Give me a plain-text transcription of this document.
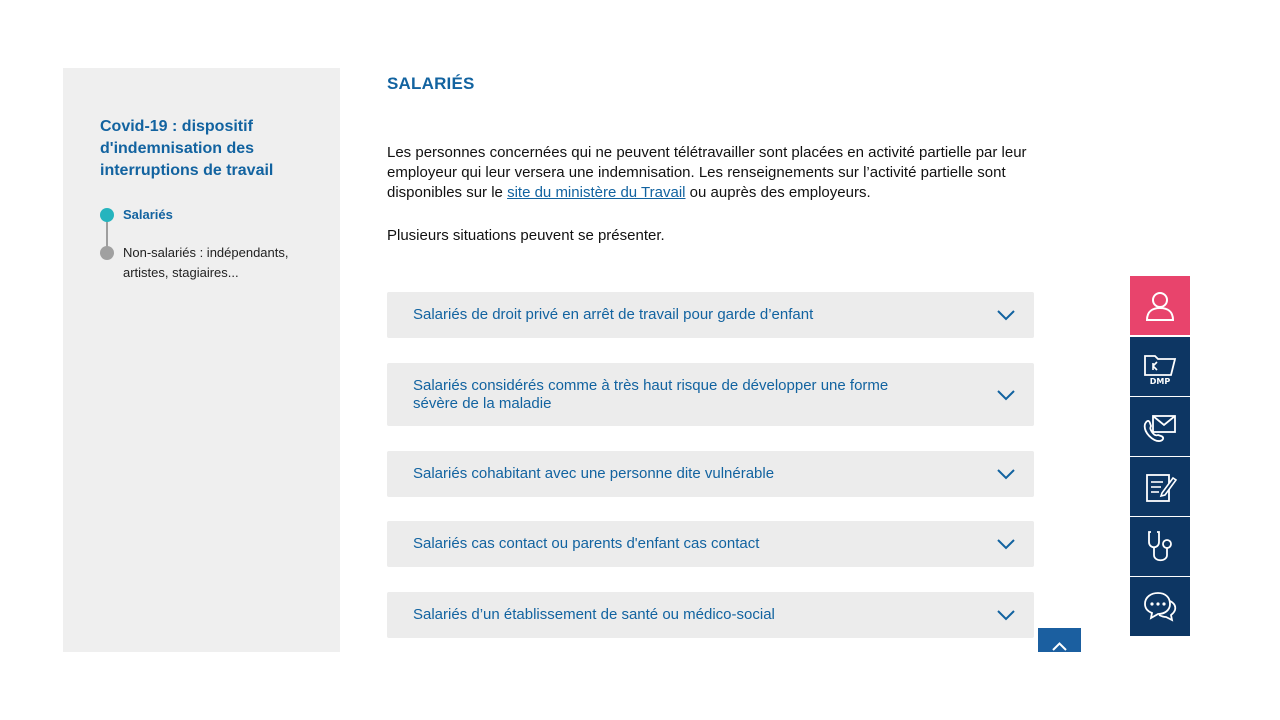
Covid-19 : dispositif d'indemnisation des interruptions de travail
Salariés
Non-salariés : indépendants, artistes, stagiaires...
SALARIÉS

Les personnes concernées qui ne peuvent télétravailler sont placées en activité partielle par leur employeur qui leur versera une indemnisation. Les renseignements sur l’activité partielle sont disponibles sur le site du ministère du Travail ou auprès des employeurs.

Plusieurs situations peuvent se présenter.

Salariés de droit privé en arrêt de travail pour garde d’enfant
Salariés considérés comme à très haut risque de développer une forme sévère de la maladie
Salariés cohabitant avec une personne dite vulnérable
Salariés cas contact ou parents d'enfant cas contact
Salariés d’un établissement de santé ou médico-social
DMP
